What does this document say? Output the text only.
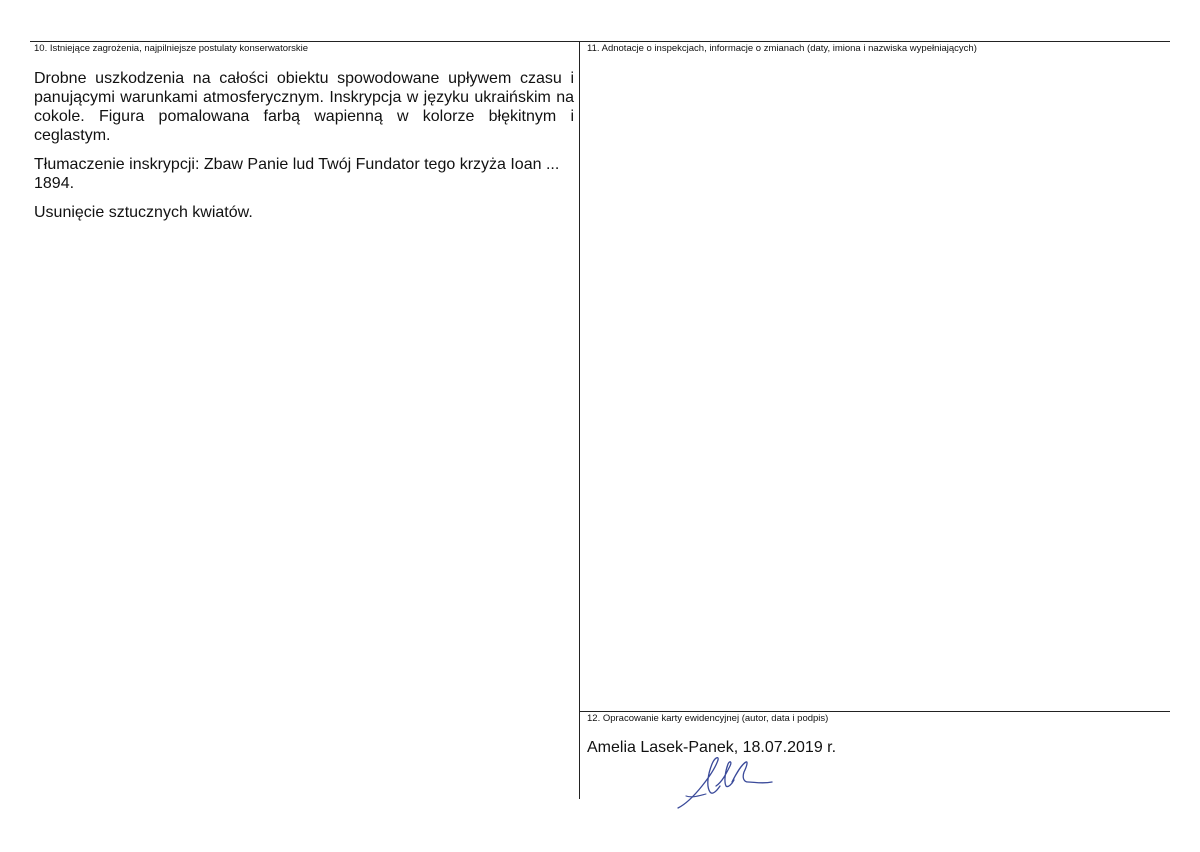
10. Istniejące zagrożenia, najpilniejsze postulaty konserwatorskie	11. Adnotacje o inspekcjach, informacje o zmianach (daty, imiona i nazwiska wypełniających)
12. Opracowanie karty ewidencyjnej (autor, data i podpis)

Drobne uszkodzenia na całości obiektu spowodowane upływem czasu i panującymi warunkami atmosferycznym. Inskrypcja w języku ukraińskim na cokole. Figura pomalowana farbą wapienną w kolorze błękitnym i ceglastym.

Tłumaczenie inskrypcji: Zbaw Panie lud Twój Fundator tego krzyża Ioan ... 1894.

Usunięcie sztucznych kwiatów.

Amelia Lasek-Panek, 18.07.2019 r.
